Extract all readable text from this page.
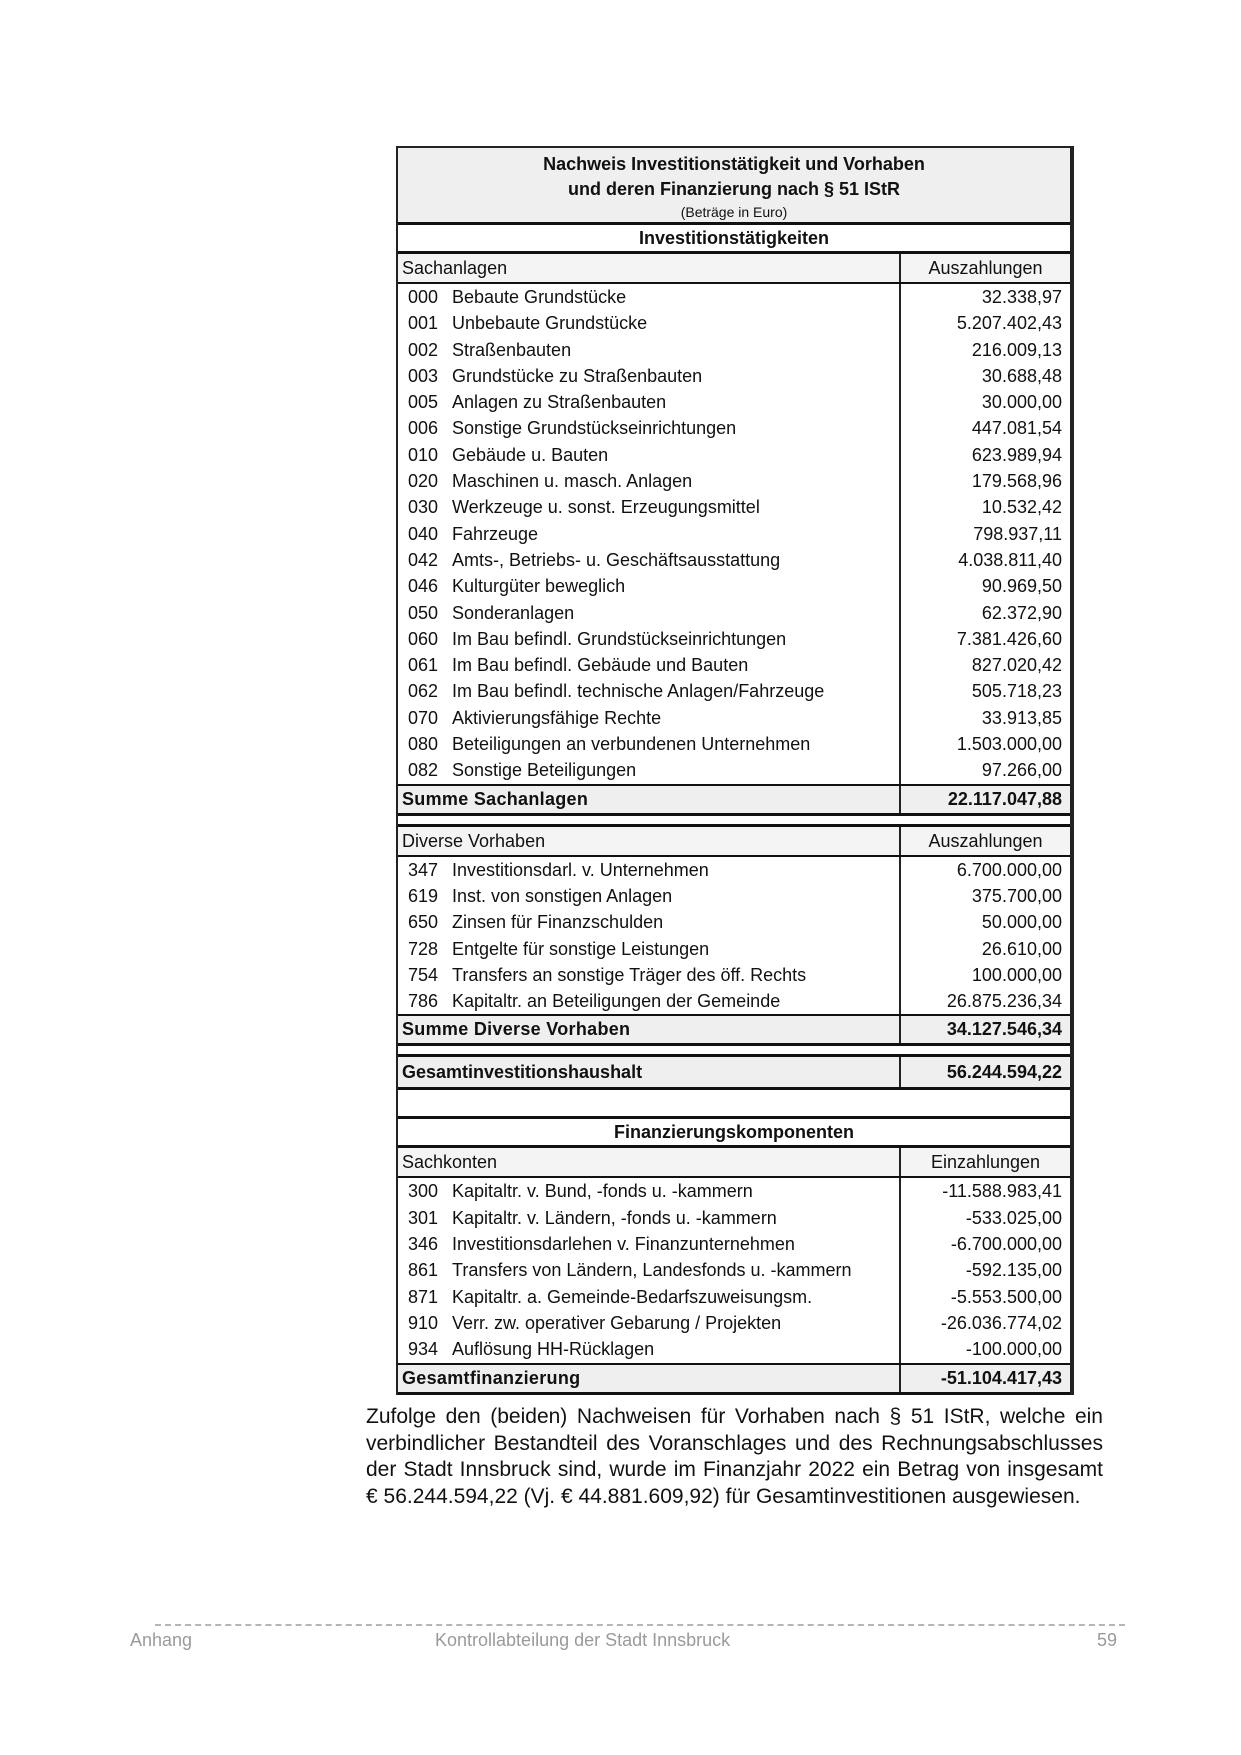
Nachweis Investitionstätigkeit und Vorhaben
und deren Finanzierung nach § 51 IStR
(Beträge in Euro)
Investitionstätigkeiten
Sachanlagen	Auszahlungen
000 Bebaute Grundstücke	32.338,97
001 Unbebaute Grundstücke	5.207.402,43
002 Straßenbauten	216.009,13
003 Grundstücke zu Straßenbauten	30.688,48
005 Anlagen zu Straßenbauten	30.000,00
006 Sonstige Grundstückseinrichtungen	447.081,54
010 Gebäude u. Bauten	623.989,94
020 Maschinen u. masch. Anlagen	179.568,96
030 Werkzeuge u. sonst. Erzeugungsmittel	10.532,42
040 Fahrzeuge	798.937,11
042 Amts-, Betriebs- u. Geschäftsausstattung	4.038.811,40
046 Kulturgüter beweglich	90.969,50
050 Sonderanlagen	62.372,90
060 Im Bau befindl. Grundstückseinrichtungen	7.381.426,60
061 Im Bau befindl. Gebäude und Bauten	827.020,42
062 Im Bau befindl. technische Anlagen/Fahrzeuge	505.718,23
070 Aktivierungsfähige Rechte	33.913,85
080 Beteiligungen an verbundenen Unternehmen	1.503.000,00
082 Sonstige Beteiligungen	97.266,00
Summe Sachanlagen	22.117.047,88
Diverse Vorhaben	Auszahlungen
347 Investitionsdarl. v. Unternehmen	6.700.000,00
619 Inst. von sonstigen Anlagen	375.700,00
650 Zinsen für Finanzschulden	50.000,00
728 Entgelte für sonstige Leistungen	26.610,00
754 Transfers an sonstige Träger des öff. Rechts	100.000,00
786 Kapitaltr. an Beteiligungen der Gemeinde	26.875.236,34
Summe Diverse Vorhaben	34.127.546,34
Gesamtinvestitionshaushalt	56.244.594,22
Finanzierungskomponenten
Sachkonten	Einzahlungen
300 Kapitaltr. v. Bund, -fonds u. -kammern	-11.588.983,41
301 Kapitaltr. v. Ländern, -fonds u. -kammern	-533.025,00
346 Investitionsdarlehen v. Finanzunternehmen	-6.700.000,00
861 Transfers von Ländern, Landesfonds u. -kammern	-592.135,00
871 Kapitaltr. a. Gemeinde-Bedarfszuweisungsm.	-5.553.500,00
910 Verr. zw. operativer Gebarung / Projekten	-26.036.774,02
934 Auflösung HH-Rücklagen	-100.000,00
Gesamtfinanzierung	-51.104.417,43
Zufolge den (beiden) Nachweisen für Vorhaben nach § 51 IStR, welche ein verbindlicher Bestandteil des Voranschlages und des Rechnungsabschlusses der Stadt Innsbruck sind, wurde im Finanzjahr 2022 ein Betrag von insgesamt € 56.244.594,22 (Vj. € 44.881.609,92) für Gesamtinvestitionen ausgewiesen.
Anhang	Kontrollabteilung der Stadt Innsbruck	59
